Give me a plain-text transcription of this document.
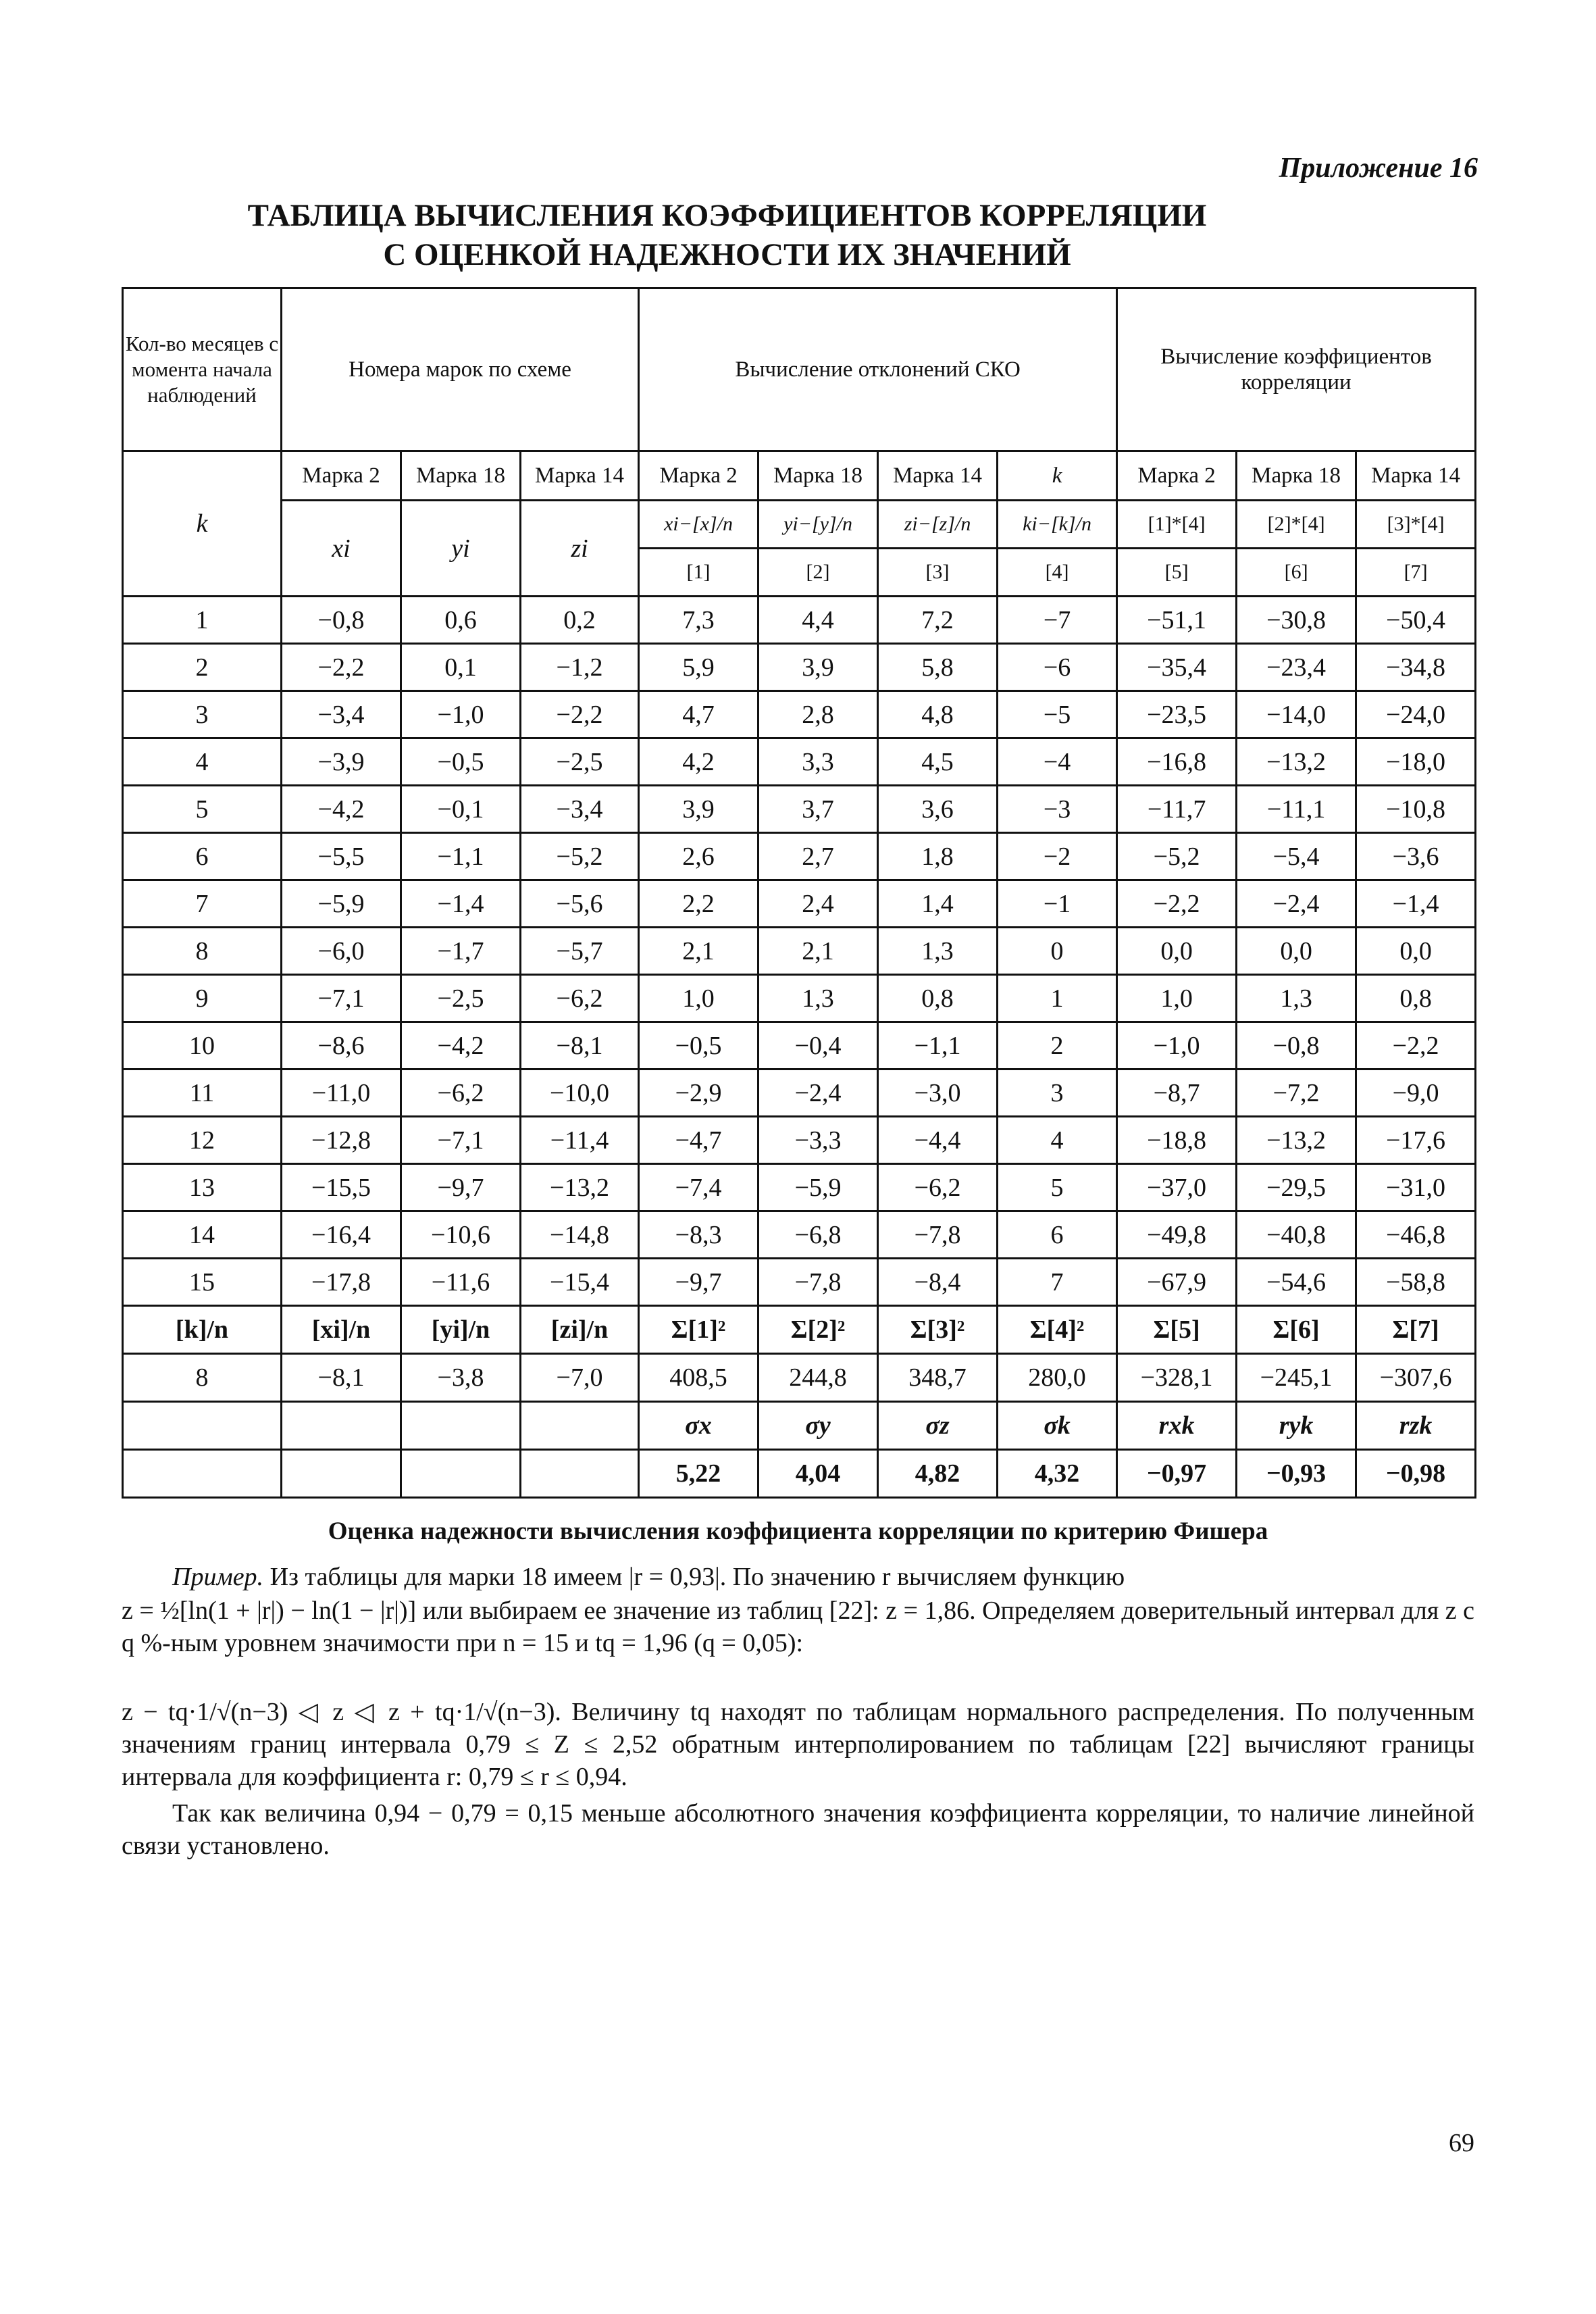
Приложение 16
ТАБЛИЦА ВЫЧИСЛЕНИЯ КОЭФФИЦИЕНТОВ КОРРЕЛЯЦИИ
С ОЦЕНКОЙ НАДЕЖНОСТИ ИХ ЗНАЧЕНИЙ
Кол-во месяцев с момента начала наблюдений	Номера марок по схеме			Вычисление отклонений СКО				Вычисление коэффициентов корреляции		
k	Марка 2	Марка 18	Марка 14	Марка 2	Марка 18	Марка 14	k	Марка 2	Марка 18	Марка 14
	xi	yi	zi	xi−[x]/n	yi−[y]/n	zi−[z]/n	ki−[k]/n	[1]*[4]	[2]*[4]	[3]*[4]
				[1]	[2]	[3]	[4]	[5]	[6]	[7]
1	−0,8	0,6	0,2	7,3	4,4	7,2	−7	−51,1	−30,8	−50,4
2	−2,2	0,1	−1,2	5,9	3,9	5,8	−6	−35,4	−23,4	−34,8
3	−3,4	−1,0	−2,2	4,7	2,8	4,8	−5	−23,5	−14,0	−24,0
4	−3,9	−0,5	−2,5	4,2	3,3	4,5	−4	−16,8	−13,2	−18,0
5	−4,2	−0,1	−3,4	3,9	3,7	3,6	−3	−11,7	−11,1	−10,8
6	−5,5	−1,1	−5,2	2,6	2,7	1,8	−2	−5,2	−5,4	−3,6
7	−5,9	−1,4	−5,6	2,2	2,4	1,4	−1	−2,2	−2,4	−1,4
8	−6,0	−1,7	−5,7	2,1	2,1	1,3	0	0,0	0,0	0,0
9	−7,1	−2,5	−6,2	1,0	1,3	0,8	1	1,0	1,3	0,8
10	−8,6	−4,2	−8,1	−0,5	−0,4	−1,1	2	−1,0	−0,8	−2,2
11	−11,0	−6,2	−10,0	−2,9	−2,4	−3,0	3	−8,7	−7,2	−9,0
12	−12,8	−7,1	−11,4	−4,7	−3,3	−4,4	4	−18,8	−13,2	−17,6
13	−15,5	−9,7	−13,2	−7,4	−5,9	−6,2	5	−37,0	−29,5	−31,0
14	−16,4	−10,6	−14,8	−8,3	−6,8	−7,8	6	−49,8	−40,8	−46,8
15	−17,8	−11,6	−15,4	−9,7	−7,8	−8,4	7	−67,9	−54,6	−58,8
[k]/n	[xi]/n	[yi]/n	[zi]/n	Σ[1]²	Σ[2]²	Σ[3]²	Σ[4]²	Σ[5]	Σ[6]	Σ[7]
8	−8,1	−3,8	−7,0	408,5	244,8	348,7	280,0	−328,1	−245,1	−307,6
				σx	σy	σz	σk	rxk	ryk	rzk
				5,22	4,04	4,82	4,32	−0,97	−0,93	−0,98
Оценка надежности вычисления коэффициента корреляции по критерию Фишера
Пример. Из таблицы для марки 18 имеем |r = 0,93|. По значению r вычисляем функцию
z = ½[ln(1 + |r|) − ln(1 − |r|)] или выбираем ее значение из таблиц [22]: z = 1,86. Определяем доверительный интервал для z с q %-ным уровнем значимости при n = 15 и tq = 1,96 (q = 0,05):
z − tq·1/√(n−3) ◁ z ◁ z + tq·1/√(n−3). Величину tq находят по таблицам нормального распределения. По полученным значениям границ интервала 0,79 ≤ Z ≤ 2,52 обратным интерполированием по таблицам [22] вычисляют границы интервала для коэффициента r: 0,79 ≤ r ≤ 0,94.
Так как величина 0,94 − 0,79 = 0,15 меньше абсолютного значения коэффициента корреляции, то наличие линейной связи установлено.
69
